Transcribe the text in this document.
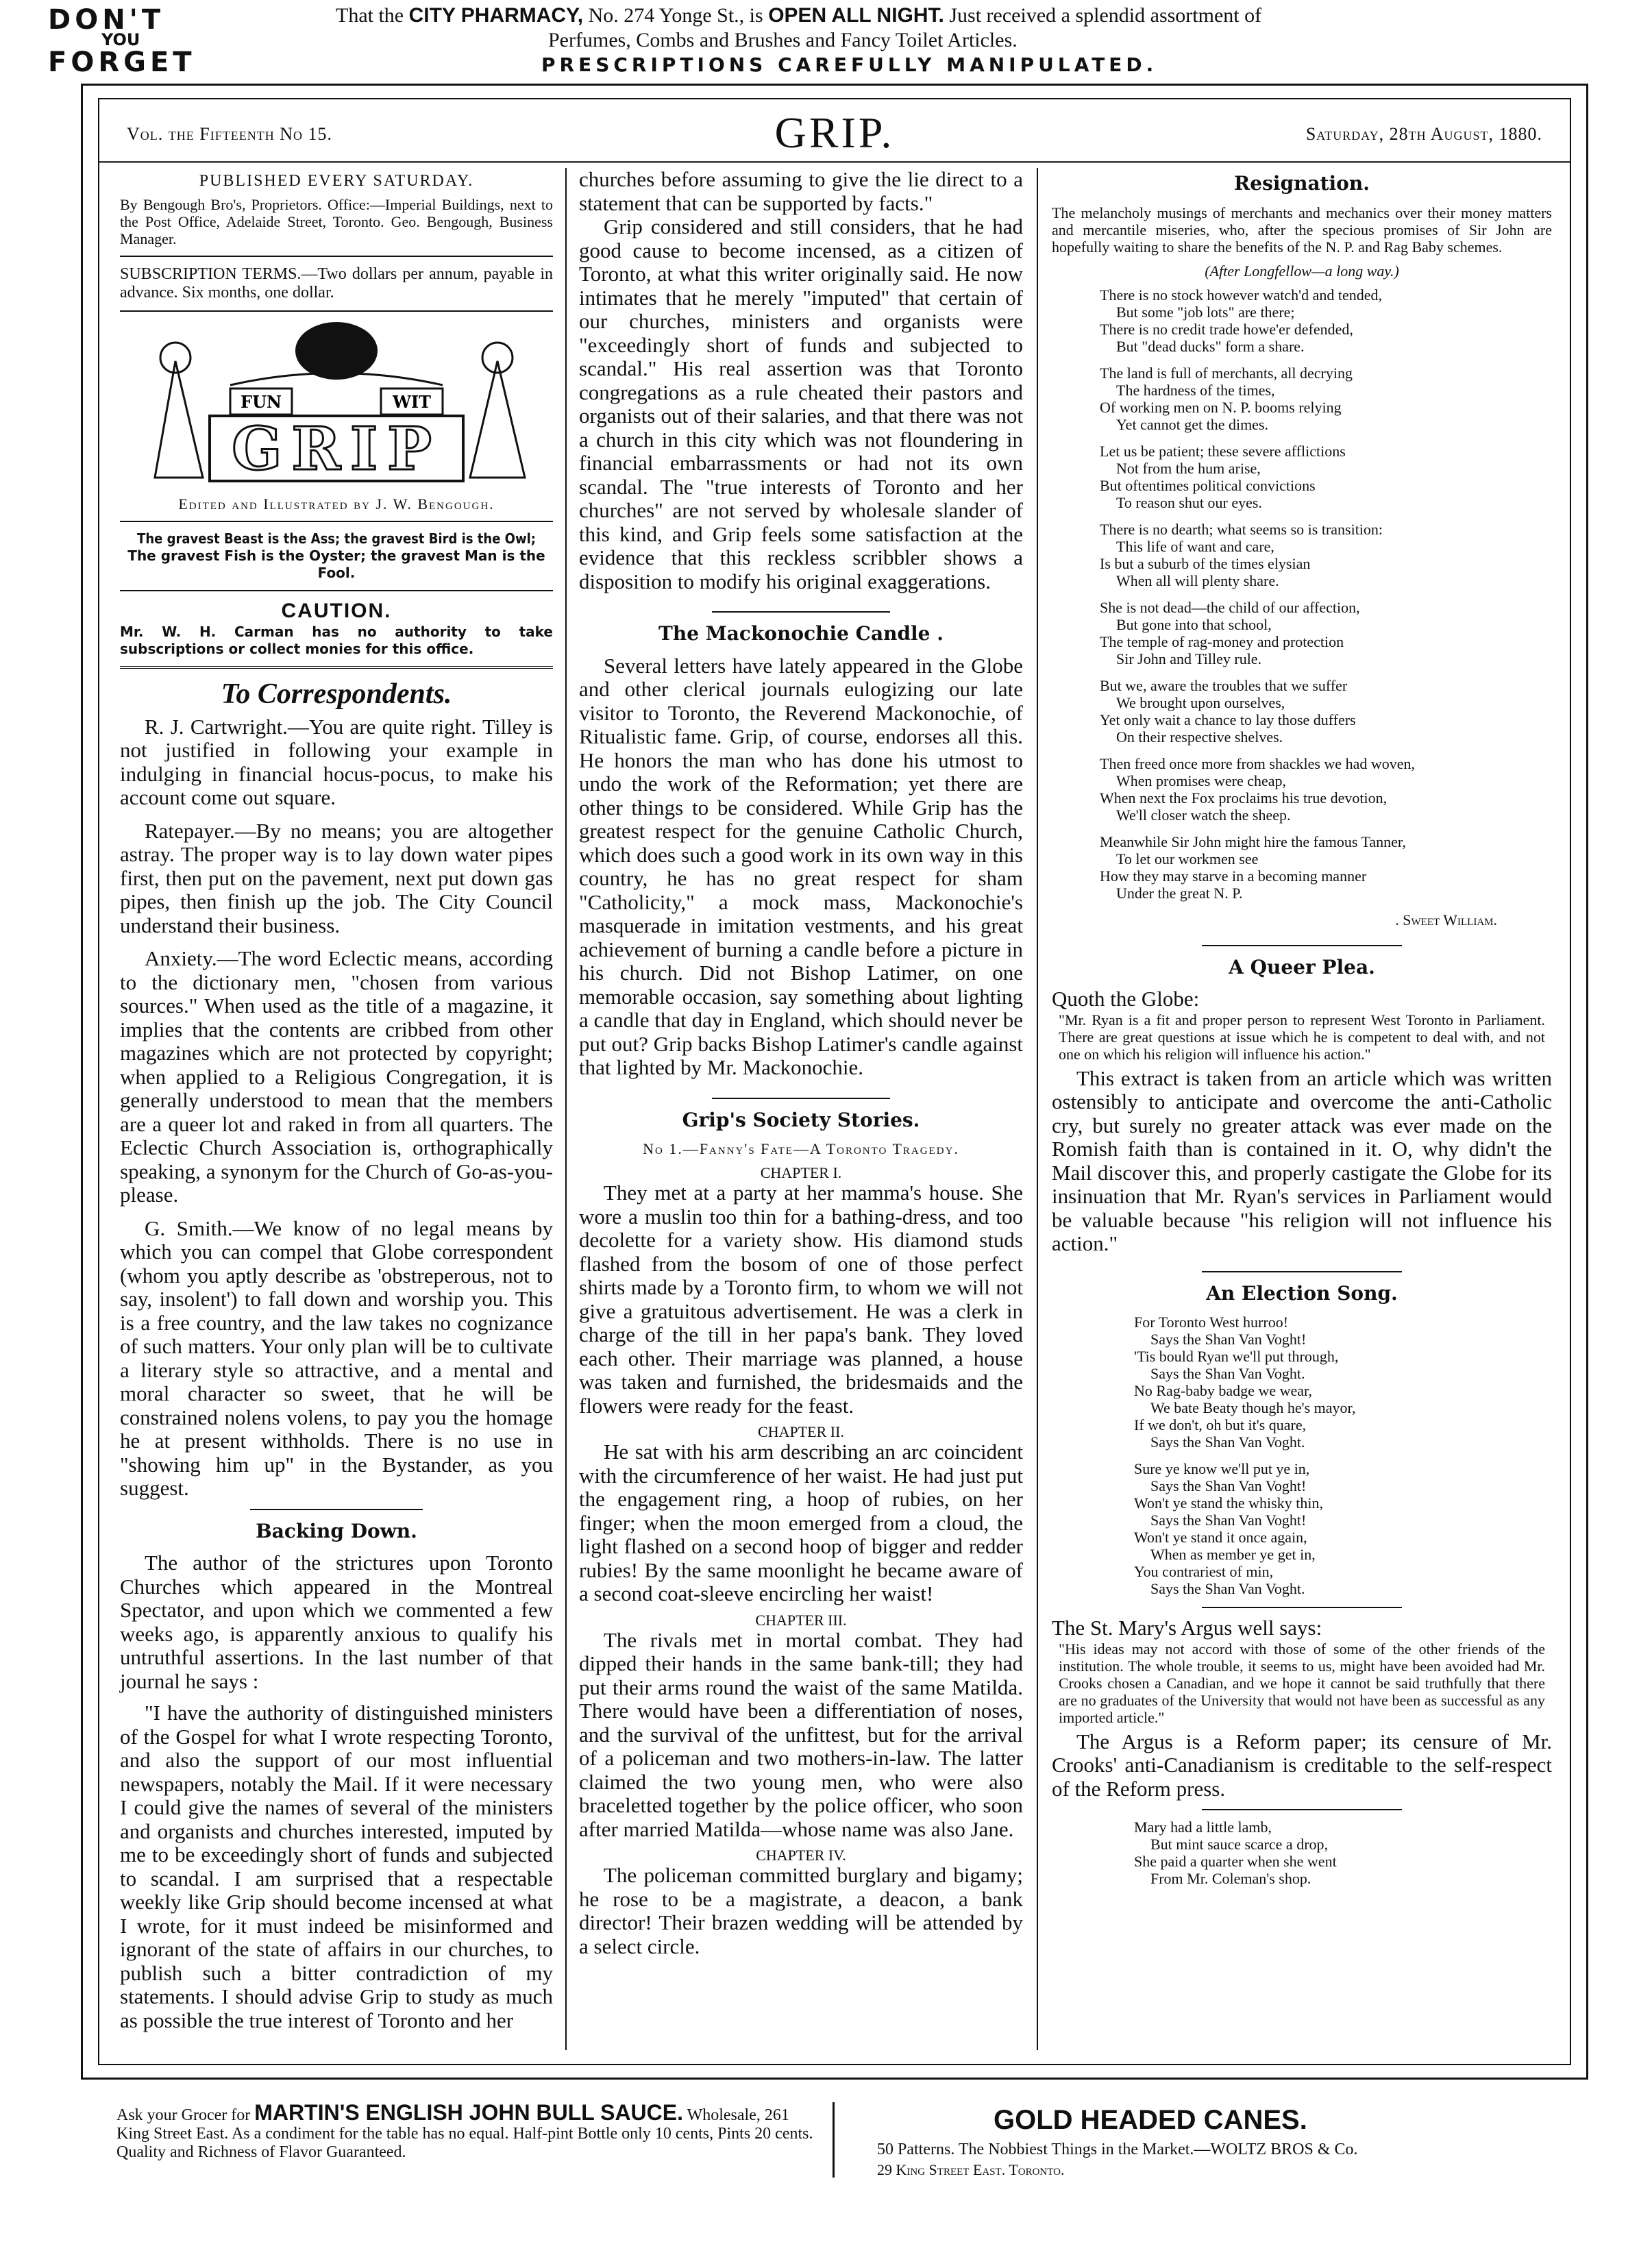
DON'T
YOU
FORGET
That the CITY PHARMACY, No. 274 Yonge St., is OPEN ALL NIGHT. Just received a splendid assortment of
Perfumes, Combs and Brushes and Fancy Toilet Articles.
PRESCRIPTIONS CAREFULLY MANIPULATED.
Vol. the Fifteenth No 15.	GRIP.	Saturday, 28th August, 1880.

PUBLISHED EVERY SATURDAY.

By Bengough Bro's, Proprietors. Office:—Imperial Buildings, next to the Post Office, Adelaide Street, Toronto. Geo. Bengough, Business Manager.

SUBSCRIPTION TERMS.—Two dollars per annum, payable in advance. Six months, one dollar.

FUN	WIT
GRIP

Edited and Illustrated by J. W. Bengough.

The gravest Beast is the Ass; the gravest Bird is the Owl;

The gravest Fish is the Oyster; the gravest Man is the Fool.

CAUTION.

Mr. W. H. Carman has no authority to take subscriptions or collect monies for this office.

To Correspondents.

R. J. Cartwright.—You are quite right. Tilley is not justified in following your example in indulging in financial hocus-pocus, to make his account come out square.

Ratepayer.—By no means; you are altogether astray. The proper way is to lay down water pipes first, then put on the pavement, next put down gas pipes, then finish up the job. The City Council understand their business.

Anxiety.—The word Eclectic means, according to the dictionary men, "chosen from various sources." When used as the title of a magazine, it implies that the contents are cribbed from other magazines which are not protected by copyright; when applied to a Religious Congregation, it is generally understood to mean that the members are a queer lot and raked in from all quarters. The Eclectic Church Association is, orthographically speaking, a synonym for the Church of Go-as-you-please.

G. Smith.—We know of no legal means by which you can compel that Globe correspondent (whom you aptly describe as 'obstreperous, not to say, insolent') to fall down and worship you. This is a free country, and the law takes no cognizance of such matters. Your only plan will be to cultivate a literary style so attractive, and a mental and moral character so sweet, that he will be constrained nolens volens, to pay you the homage he at present withholds. There is no use in "showing him up" in the Bystander, as you suggest.

Backing Down.

The author of the strictures upon Toronto Churches which appeared in the Montreal Spectator, and upon which we commented a few weeks ago, is apparently anxious to qualify his untruthful assertions. In the last number of that journal he says :

"I have the authority of distinguished ministers of the Gospel for what I wrote respecting Toronto, and also the support of our most influential newspapers, notably the Mail. If it were necessary I could give the names of several of the ministers and organists and churches interested, imputed by me to be exceedingly short of funds and subjected to scandal. I am surprised that a respectable weekly like Grip should become incensed at what I wrote, for it must indeed be misinformed and ignorant of the state of affairs in our churches, to publish such a bitter contradiction of my statements. I should advise Grip to study as much as possible the true interest of Toronto and her

churches before assuming to give the lie direct to a statement that can be supported by facts."

Grip considered and still considers, that he had good cause to become incensed, as a citizen of Toronto, at what this writer originally said. He now intimates that he merely "imputed" that certain of our churches, ministers and organists were "exceedingly short of funds and subjected to scandal." His real assertion was that Toronto congregations as a rule cheated their pastors and organists out of their salaries, and that there was not a church in this city which was not floundering in financial embarrassments or had not its own scandal. The "true interests of Toronto and her churches" are not served by wholesale slander of this kind, and Grip feels some satisfaction at the evidence that this reckless scribbler shows a disposition to modify his original exaggerations.

The Mackonochie Candle .

Several letters have lately appeared in the Globe and other clerical journals eulogizing our late visitor to Toronto, the Reverend Mackonochie, of Ritualistic fame. Grip, of course, endorses all this. He honors the man who has done his utmost to undo the work of the Reformation; yet there are other things to be considered. While Grip has the greatest respect for the genuine Catholic Church, which does such a good work in its own way in this country, he has no great respect for sham "Catholicity," a mock mass, Mackonochie's masquerade in imitation vestments, and his great achievement of burning a candle before a picture in his church. Did not Bishop Latimer, on one memorable occasion, say something about lighting a candle that day in England, which should never be put out? Grip backs Bishop Latimer's candle against that lighted by Mr. Mackonochie.

Grip's Society Stories.

No 1.—Fanny's Fate—A Toronto Tragedy.

CHAPTER I.

They met at a party at her mamma's house. She wore a muslin too thin for a bathing-dress, and too decolette for a variety show. His diamond studs flashed from the bosom of one of those perfect shirts made by a Toronto firm, to whom we will not give a gratuitous advertisement. He was a clerk in charge of the till in her papa's bank. They loved each other. Their marriage was planned, a house was taken and furnished, the bridesmaids and the flowers were ready for the feast.

CHAPTER II.

He sat with his arm describing an arc coincident with the circumference of her waist. He had just put the engagement ring, a hoop of rubies, on her finger; when the moon emerged from a cloud, the light flashed on a second hoop of bigger and redder rubies! By the same moonlight he became aware of a second coat-sleeve encircling her waist!

CHAPTER III.

The rivals met in mortal combat. They had dipped their hands in the same bank-till; they had put their arms round the waist of the same Matilda. There would have been a differentiation of noses, and the survival of the unfittest, but for the arrival of a policeman and two mothers-in-law. The latter claimed the two young men, who were also braceletted together by the police officer, who soon after married Matilda—whose name was also Jane.

CHAPTER IV.

The policeman committed burglary and bigamy; he rose to be a magistrate, a deacon, a bank director! Their brazen wedding will be attended by a select circle.

Resignation.

The melancholy musings of merchants and mechanics over their money matters and mercantile miseries, who, after the specious promises of Sir John are hopefully waiting to share the benefits of the N. P. and Rag Baby schemes.

(After Longfellow—a long way.)

There is no stock however watch'd and tended,
But some "job lots" are there;
There is no credit trade howe'er defended,
But "dead ducks" form a share.
The land is full of merchants, all decrying
The hardness of the times,
Of working men on N. P. booms relying
Yet cannot get the dimes.
Let us be patient; these severe afflictions
Not from the hum arise,
But oftentimes political convictions
To reason shut our eyes.
There is no dearth; what seems so is transition:
This life of want and care,
Is but a suburb of the times elysian
When all will plenty share.
She is not dead—the child of our affection,
But gone into that school,
The temple of rag-money and protection
Sir John and Tilley rule.
But we, aware the troubles that we suffer
We brought upon ourselves,
Yet only wait a chance to lay those duffers
On their respective shelves.
Then freed once more from shackles we had woven,
When promises were cheap,
When next the Fox proclaims his true devotion,
We'll closer watch the sheep.
Meanwhile Sir John might hire the famous Tanner,
To let our workmen see
How they may starve in a becoming manner
Under the great N. P.

. Sweet William.

A Queer Plea.

Quoth the Globe:

"Mr. Ryan is a fit and proper person to represent West Toronto in Parliament. There are great questions at issue which he is competent to deal with, and not one on which his religion will influence his action."

This extract is taken from an article which was written ostensibly to anticipate and overcome the anti-Catholic cry, but surely no greater attack was ever made on the Romish faith than is contained in it. O, why didn't the Mail discover this, and properly castigate the Globe for its insinuation that Mr. Ryan's services in Parliament would be valuable because "his religion will not influence his action."

An Election Song.

For Toronto West hurroo!
Says the Shan Van Voght!
'Tis bould Ryan we'll put through,
Says the Shan Van Voght.
No Rag-baby badge we wear,
We bate Beaty though he's mayor,
If we don't, oh but it's quare,
Says the Shan Van Voght.
Sure ye know we'll put ye in,
Says the Shan Van Voght!
Won't ye stand the whisky thin,
Says the Shan Van Voght!
Won't ye stand it once again,
When as member ye get in,
You contrariest of min,
Says the Shan Van Voght.

The St. Mary's Argus well says:

"His ideas may not accord with those of some of the other friends of the institution. The whole trouble, it seems to us, might have been avoided had Mr. Crooks chosen a Canadian, and we hope it cannot be said truthfully that there are no graduates of the University that would not have been as successful as any imported article."

The Argus is a Reform paper; its censure of Mr. Crooks' anti-Canadianism is creditable to the self-respect of the Reform press.

Mary had a little lamb,
But mint sauce scarce a drop,
She paid a quarter when she went
From Mr. Coleman's shop.
Ask your Grocer for MARTIN'S ENGLISH JOHN BULL SAUCE. Wholesale, 261 King Street East. As a condiment for the table has no equal. Half-pint Bottle only 10 cents, Pints 20 cents. Quality and Richness of Flavor Guaranteed.
GOLD HEADED CANES.
50 Patterns. The Nobbiest Things in the Market.—WOLTZ BROS & Co.
29 King Street East. Toronto.
